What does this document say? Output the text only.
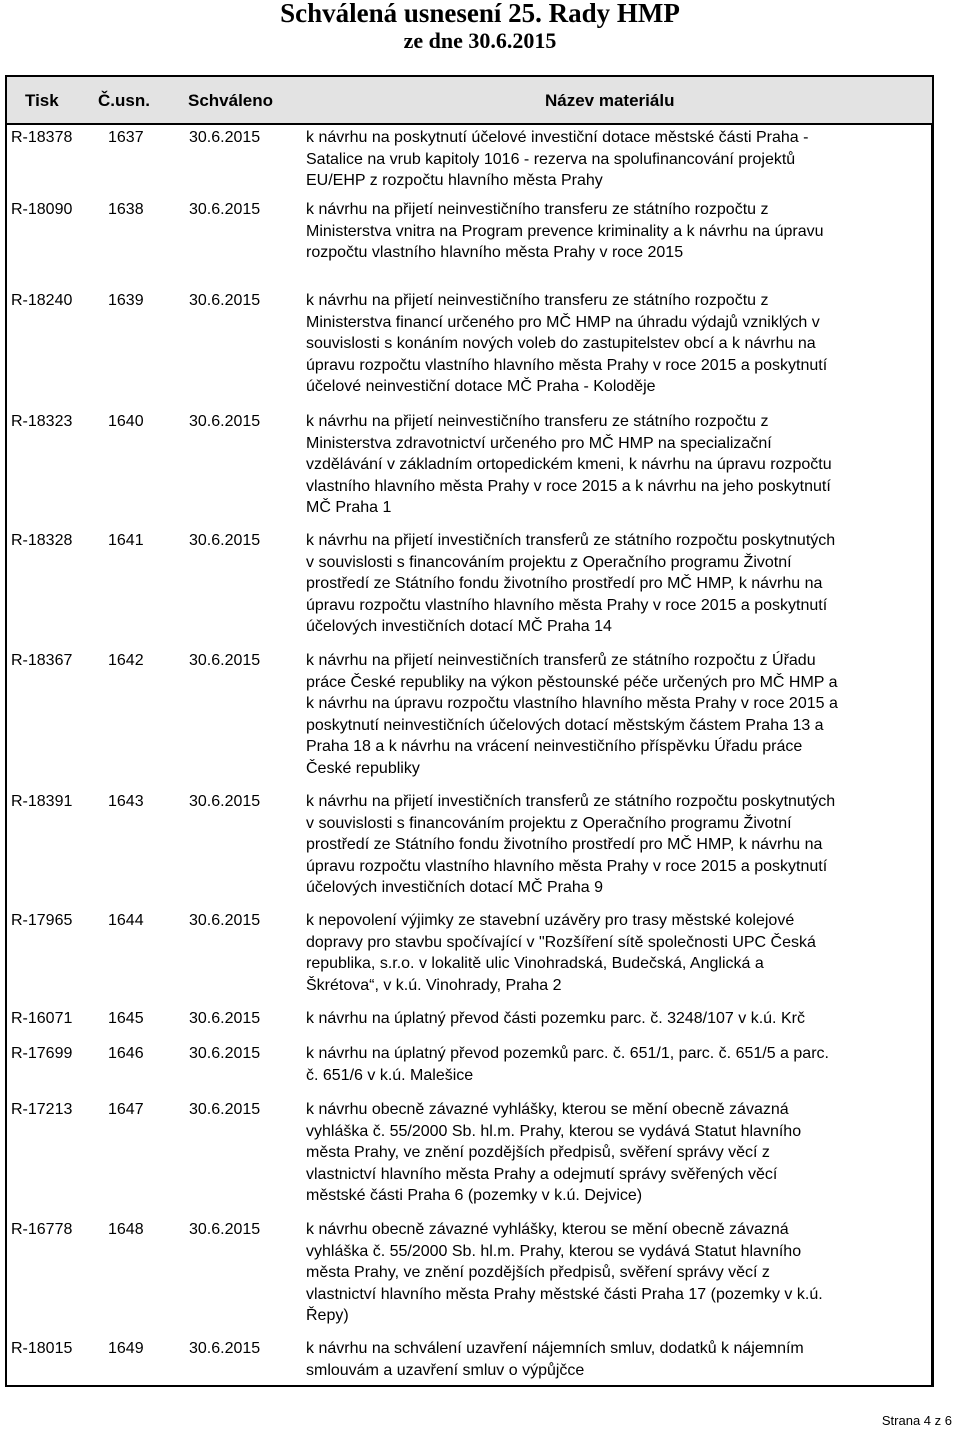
Schválená usnesení 25. Rady HMP
ze dne 30.6.2015
Tisk Č.usn. Schváleno	Název materiálu
R-18378 1637	30.6.2015	k návrhu na poskytnutí účelové investiční dotace městské části Praha -
Satalice na vrub kapitoly 1016 - rezerva na spolufinancování projektů
EU/EHP z rozpočtu hlavního města Prahy
R-18090 1638	30.6.2015	k návrhu na přijetí neinvestičního transferu ze státního rozpočtu z
Ministerstva vnitra na Program prevence kriminality a k návrhu na úpravu
rozpočtu vlastního hlavního města Prahy v roce 2015
R-18240 1639	30.6.2015	k návrhu na přijetí neinvestičního transferu ze státního rozpočtu z
Ministerstva financí určeného pro MČ HMP na úhradu výdajů vzniklých v
souvislosti s konáním nových voleb do zastupitelstev obcí a k návrhu na
úpravu rozpočtu vlastního hlavního města Prahy v roce 2015 a poskytnutí
účelové neinvestiční dotace MČ Praha - Koloděje
R-18323 1640	30.6.2015	k návrhu na přijetí neinvestičního transferu ze státního rozpočtu z
Ministerstva zdravotnictví určeného pro MČ HMP na specializační
vzdělávání v základním ortopedickém kmeni, k návrhu na úpravu rozpočtu
vlastního hlavního města Prahy v roce 2015 a k návrhu na jeho poskytnutí
MČ Praha 1
R-18328 1641	30.6.2015	k návrhu na přijetí investičních transferů ze státního rozpočtu poskytnutých
v souvislosti s financováním projektu z Operačního programu Životní
prostředí ze Státního fondu životního prostředí pro MČ HMP, k návrhu na
úpravu rozpočtu vlastního hlavního města Prahy v roce 2015 a poskytnutí
účelových investičních dotací MČ Praha 14
R-18367 1642	30.6.2015	k návrhu na přijetí neinvestičních transferů ze státního rozpočtu z Úřadu
práce České republiky na výkon pěstounské péče určených pro MČ HMP a
k návrhu na úpravu rozpočtu vlastního hlavního města Prahy v roce 2015 a
poskytnutí neinvestičních účelových dotací městským částem Praha 13 a
Praha 18 a k návrhu na vrácení neinvestičního příspěvku Úřadu práce
České republiky
R-18391 1643	30.6.2015	k návrhu na přijetí investičních transferů ze státního rozpočtu poskytnutých
v souvislosti s financováním projektu z Operačního programu Životní
prostředí ze Státního fondu životního prostředí pro MČ HMP, k návrhu na
úpravu rozpočtu vlastního hlavního města Prahy v roce 2015 a poskytnutí
účelových investičních dotací MČ Praha 9
R-17965 1644	30.6.2015	k nepovolení výjimky ze stavební uzávěry pro trasy městské kolejové
dopravy pro stavbu spočívající v "Rozšíření sítě společnosti UPC Česká
republika, s.r.o. v lokalitě ulic Vinohradská, Budečská, Anglická a
Škrétova“, v k.ú. Vinohrady, Praha 2
R-16071 1645	30.6.2015	k návrhu na úplatný převod části pozemku parc. č. 3248/107 v k.ú. Krč
R-17699 1646	30.6.2015	k návrhu na úplatný převod pozemků parc. č. 651/1, parc. č. 651/5 a parc.
č. 651/6 v k.ú. Malešice
R-17213 1647	30.6.2015	k návrhu obecně závazné vyhlášky, kterou se mění obecně závazná
vyhláška č. 55/2000 Sb. hl.m. Prahy, kterou se vydává Statut hlavního
města Prahy, ve znění pozdějších předpisů, svěření správy věcí z
vlastnictví hlavního města Prahy a odejmutí správy svěřených věcí
městské části Praha 6 (pozemky v k.ú. Dejvice)
R-16778 1648	30.6.2015	k návrhu obecně závazné vyhlášky, kterou se mění obecně závazná
vyhláška č. 55/2000 Sb. hl.m. Prahy, kterou se vydává Statut hlavního
města Prahy, ve znění pozdějších předpisů, svěření správy věcí z
vlastnictví hlavního města Prahy městské části Praha 17 (pozemky v k.ú.
Řepy)
R-18015 1649	30.6.2015	k návrhu na schválení uzavření nájemních smluv, dodatků k nájemním
smlouvám a uzavření smluv o výpůjčce
Strana 4 z 6
